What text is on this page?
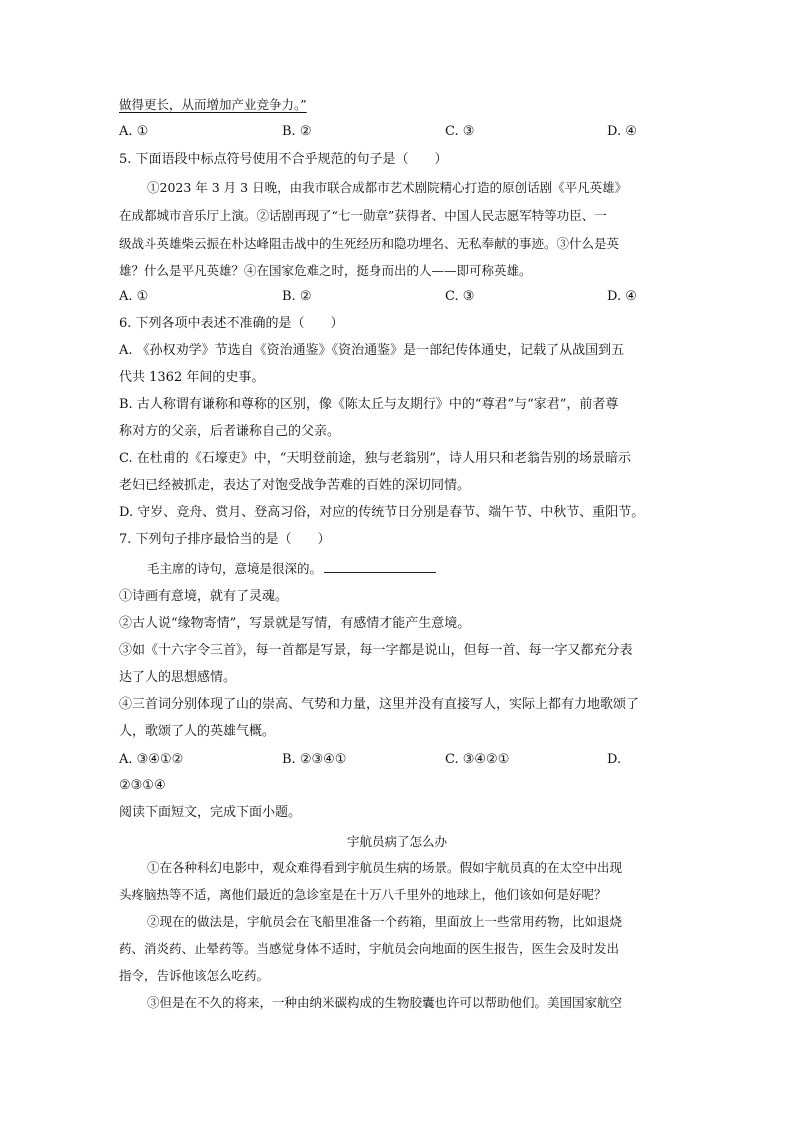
做得更长，从而增加产业竞争力。”
A. ①	B. ②	C. ③	D. ④
5. 下面语段中标点符号使用不合乎规范的句子是（　　）
①2023 年 3 月 3 日晚，由我市联合成都市艺术剧院精心打造的原创话剧《平凡英雄》
在成都城市音乐厅上演。②话剧再现了“七一勋章”获得者、中国人民志愿军特等功臣、一
级战斗英雄柴云振在朴达峰阻击战中的生死经历和隐功埋名、无私奉献的事迹。③什么是英
雄？什么是平凡英雄？④在国家危难之时，挺身而出的人——即可称英雄。
A. ①	B. ②	C. ③	D. ④
6. 下列各项中表述不准确的是（　　）
A. 《孙权劝学》节选自《资治通鉴》《资治通鉴》是一部纪传体通史，记载了从战国到五
代共 1362 年间的史事。
B. 古人称谓有谦称和尊称的区别，像《陈太丘与友期行》中的“尊君”与“家君”，前者尊
称对方的父亲，后者谦称自己的父亲。
C. 在杜甫的《石壕吏》中，“天明登前途，独与老翁别”，诗人用只和老翁告别的场景暗示
老妇已经被抓走，表达了对饱受战争苦难的百姓的深切同情。
D. 守岁、竞舟、赏月、登高习俗，对应的传统节日分别是春节、端午节、中秋节、重阳节。
7. 下列句子排序最恰当的是（　　）
毛主席的诗句，意境是很深的。
①诗画有意境，就有了灵魂。
②古人说“缘物寄情”，写景就是写情，有感情才能产生意境。
③如《十六字令三首》，每一首都是写景，每一字都是说山，但每一首、每一字又都充分表
达了人的思想感情。
④三首词分别体现了山的崇高、气势和力量，这里并没有直接写人，实际上都有力地歌颂了
人，歌颂了人的英雄气概。
A. ③④①②	B. ②③④①	C. ③④②①	D.
②③①④
阅读下面短文，完成下面小题。
宇航员病了怎么办
①在各种科幻电影中，观众难得看到宇航员生病的场景。假如宇航员真的在太空中出现
头疼脑热等不适，离他们最近的急诊室是在十万八千里外的地球上，他们该如何是好呢？
②现在的做法是，宇航员会在飞船里准备一个药箱，里面放上一些常用药物，比如退烧
药、消炎药、止晕药等。当感觉身体不适时，宇航员会向地面的医生报告，医生会及时发出
指令，告诉他该怎么吃药。
③但是在不久的将来，一种由纳米碳构成的生物胶囊也许可以帮助他们。美国国家航空
